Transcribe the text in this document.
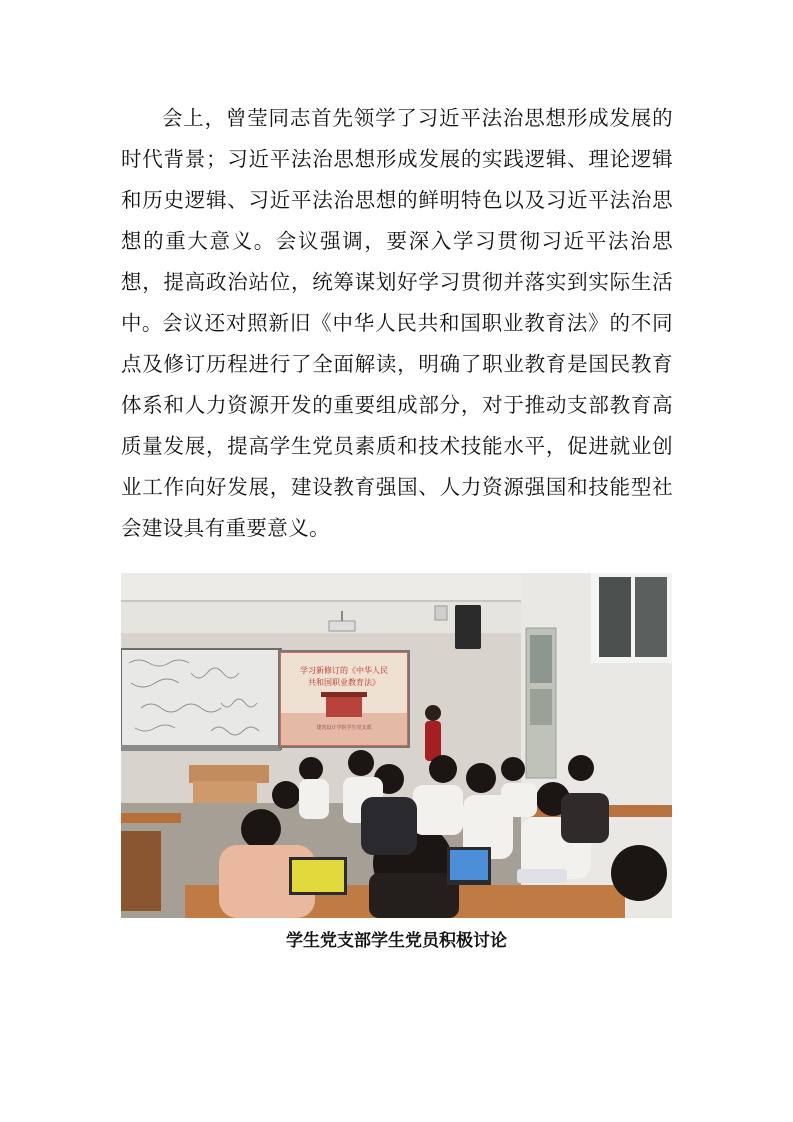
会上，曾莹同志首先领学了习近平法治思想形成发展的时代背景；习近平法治思想形成发展的实践逻辑、理论逻辑和历史逻辑、习近平法治思想的鲜明特色以及习近平法治思想的重大意义。会议强调，要深入学习贯彻习近平法治思想，提高政治站位，统筹谋划好学习贯彻并落实到实际生活中。 会议还对照新旧《中华人民共和国职业教育法》的不同点及修订历程进行了全面解读，明确了职业教育是国民教育体系和人力资源开发的重要组成部分，对于推动支部教育高质量发展，提高学生党员素质和技术技能水平，促进就业创业工作向好发展，建设教育强国、人力资源强国和技能型社会建设具有重要意义。

学习新修订的《中华人民
共和国职业教育法》
建筑设计学院学生党支部
学生党支部学生党员积极讨论
